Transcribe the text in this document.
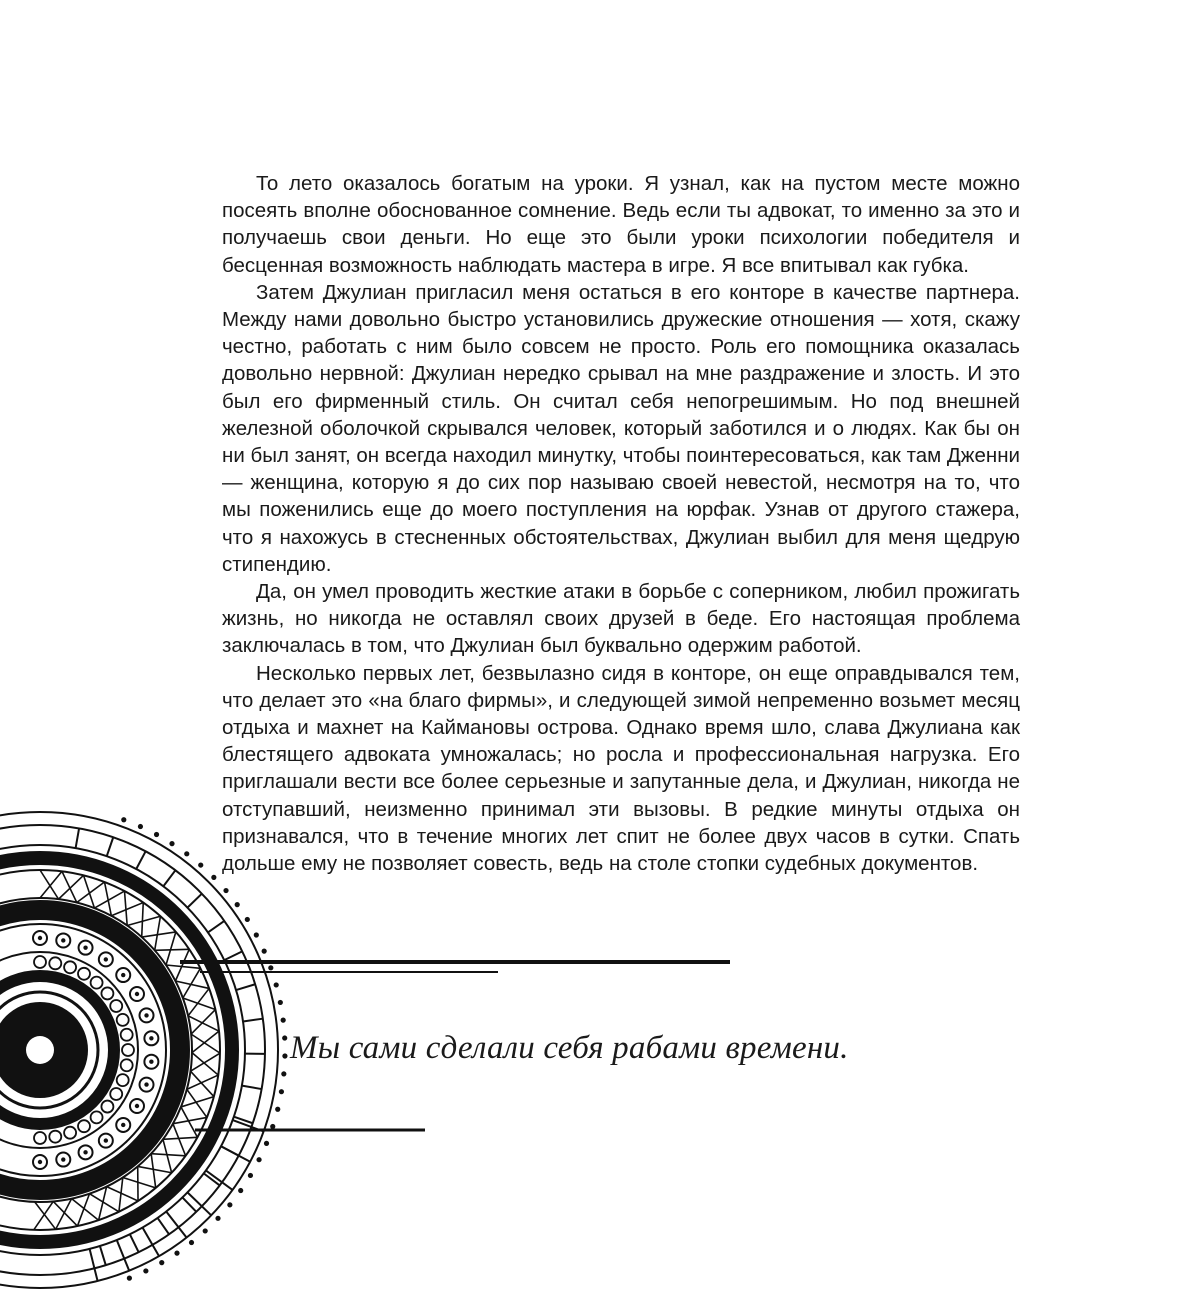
То лето оказалось богатым на уроки. Я узнал, как на пустом месте можно посеять вполне обоснованное сомнение. Ведь если ты адвокат, то именно за это и получаешь свои деньги. Но еще это были уроки психологии победителя и бесценная возможность наблюдать мастера в игре. Я все впитывал как губка.

Затем Джулиан пригласил меня остаться в его конторе в качестве партнера. Между нами довольно быстро установились дружеские отношения — хотя, скажу честно, работать с ним было совсем не просто. Роль его помощника оказалась довольно нервной: Джулиан нередко срывал на мне раздражение и злость. И это был его фирменный стиль. Он считал себя непогрешимым. Но под внешней железной оболочкой скрывался человек, который заботился и о людях. Как бы он ни был занят, он всегда находил минутку, чтобы поинтересоваться, как там Дженни — женщина, которую я до сих пор называю своей невестой, несмотря на то, что мы поженились еще до моего поступления на юрфак. Узнав от другого стажера, что я нахожусь в стесненных обстоятельствах, Джулиан выбил для меня щедрую стипендию.

Да, он умел проводить жесткие атаки в борьбе с соперником, любил прожигать жизнь, но никогда не оставлял своих друзей в беде. Его настоящая проблема заключалась в том, что Джулиан был буквально одержим работой.

Несколько первых лет, безвылазно сидя в конторе, он еще оправдывался тем, что делает это «на благо фирмы», и следующей зимой непременно возьмет месяц отдыха и махнет на Каймановы острова. Однако время шло, слава Джулиана как блестящего адвоката умножалась; но росла и профессиональная нагрузка. Его приглашали вести все более серьезные и запутанные дела, и Джулиан, никогда не отступавший, неизменно принимал эти вызовы. В редкие минуты отдыха он признавался, что в течение многих лет спит не более двух часов в сутки. Спать дольше ему не позволяет совесть, ведь на столе стопки судебных документов.

Мы сами сделали себя рабами времени.
